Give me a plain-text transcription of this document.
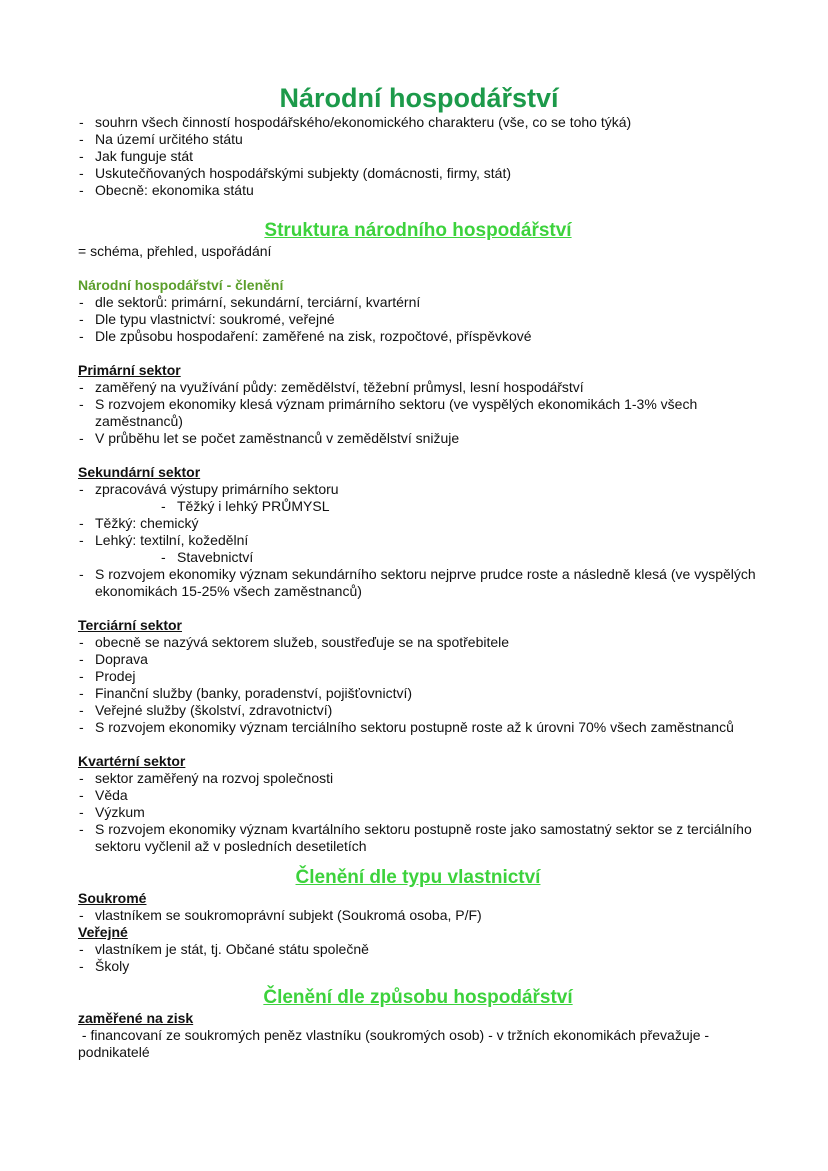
Národní hospodářství
- souhrn všech činností hospodářského/ekonomického charakteru (vše, co se toho týká)
- Na území určitého státu
- Jak funguje stát
- Uskutečňovaných hospodářskými subjekty (domácnosti, firmy, stát)
- Obecně: ekonomika státu
Struktura národního hospodářství

= schéma, přehled, uspořádání

Národní hospodářství - členění

- dle sektorů: primární, sekundární, terciární, kvartérní
- Dle typu vlastnictví: soukromé, veřejné
- Dle způsobu hospodaření: zaměřené na zisk, rozpočtové, příspěvkové

Primární sektor

- zaměřený na využívání půdy: zemědělství, těžební průmysl, lesní hospodářství
- S rozvojem ekonomiky klesá význam primárního sektoru (ve vyspělých ekonomikách 1-3% všech zaměstnanců)
- V průběhu let se počet zaměstnanců v zemědělství snižuje

Sekundární sektor

- zpracovává výstupy primárního sektoru
- Těžký i lehký PRŮMYSL
- Těžký: chemický
- Lehký: textilní, kožedělní
- Stavebnictví
- S rozvojem ekonomiky význam sekundárního sektoru nejprve prudce roste a následně klesá (ve vyspělých ekonomikách 15-25% všech zaměstnanců)

Terciární sektor

- obecně se nazývá sektorem služeb, soustřeďuje se na spotřebitele
- Doprava
- Prodej
- Finanční služby (banky, poradenství, pojišťovnictví)
- Veřejné služby (školství, zdravotnictví)
- S rozvojem ekonomiky význam terciálního sektoru postupně roste až k úrovni 70% všech zaměstnanců

Kvartérní sektor

- sektor zaměřený na rozvoj společnosti
- Věda
- Výzkum
- S rozvojem ekonomiky význam kvartálního sektoru postupně roste jako samostatný sektor se z terciálního sektoru vyčlenil až v posledních desetiletích
Členění dle typu vlastnictví

Soukromé

- vlastníkem se soukromoprávní subjekt (Soukromá osoba, P/F)

Veřejné

- vlastníkem je stát, tj. Občané státu společně
- Školy
Členění dle způsobu hospodářství

zaměřené na zisk

- financovaní ze soukromých peněz vlastníku (soukromých osob) - v tržních ekonomikách převažuje - podnikatelé
